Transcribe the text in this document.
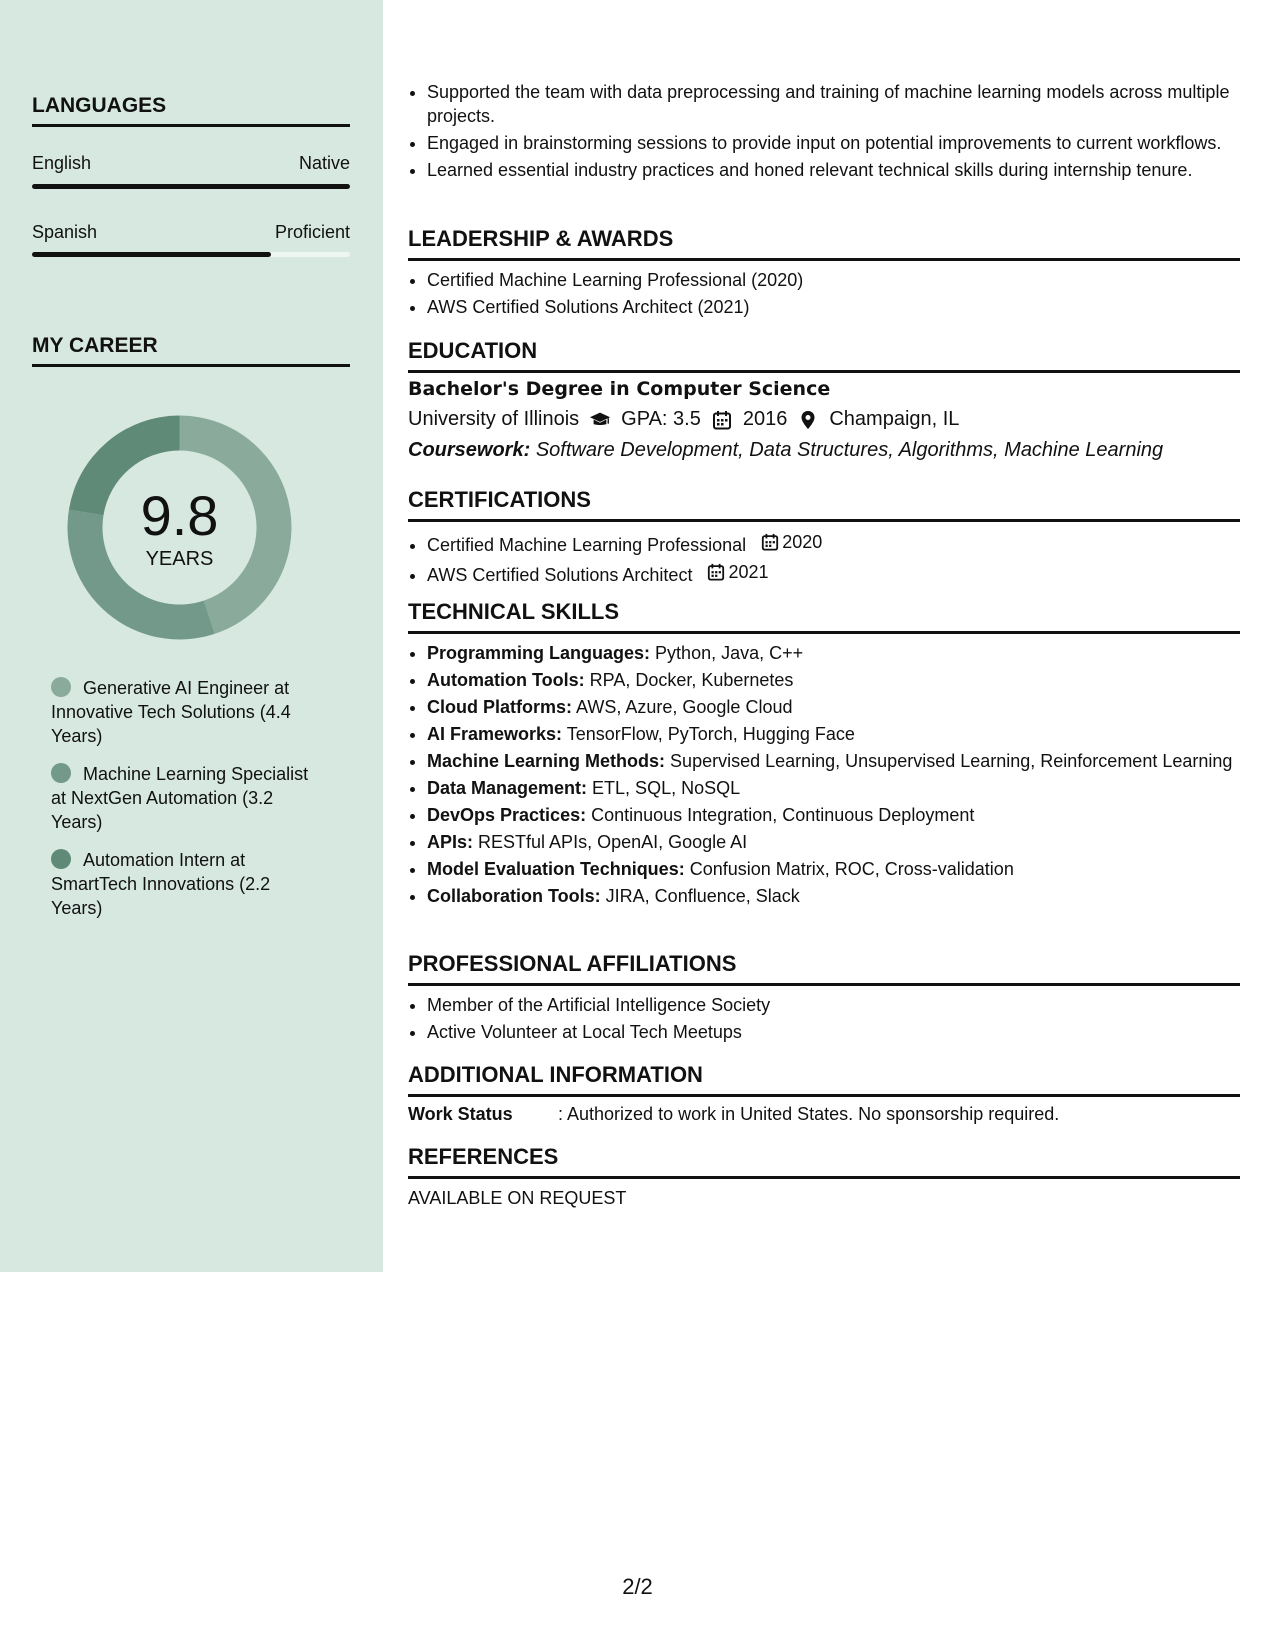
LANGUAGES
English	Native
Spanish	Proficient
MY CAREER
9.8
YEARS
Generative AI Engineer at Innovative Tech Solutions (4.4 Years)
Machine Learning Specialist at NextGen Automation (3.2 Years)
Automation Intern at SmartTech Innovations (2.2 Years)
• Supported the team with data preprocessing and training of machine learning models across multiple projects.
• Engaged in brainstorming sessions to provide input on potential improvements to current workflows.
• Learned essential industry practices and honed relevant technical skills during internship tenure.
LEADERSHIP & AWARDS
• Certified Machine Learning Professional (2020)
• AWS Certified Solutions Architect (2021)
EDUCATION
Bachelor's Degree in Computer Science
University of Illinois GPA: 3.5 2016 Champaign, IL
Coursework: Software Development, Data Structures, Algorithms, Machine Learning
CERTIFICATIONS
• Certified Machine Learning Professional 2020
• AWS Certified Solutions Architect 2021
TECHNICAL SKILLS
• Programming Languages: Python, Java, C++
• Automation Tools: RPA, Docker, Kubernetes
• Cloud Platforms: AWS, Azure, Google Cloud
• AI Frameworks: TensorFlow, PyTorch, Hugging Face
• Machine Learning Methods: Supervised Learning, Unsupervised Learning, Reinforcement Learning
• Data Management: ETL, SQL, NoSQL
• DevOps Practices: Continuous Integration, Continuous Deployment
• APIs: RESTful APIs, OpenAI, Google AI
• Model Evaluation Techniques: Confusion Matrix, ROC, Cross-validation
• Collaboration Tools: JIRA, Confluence, Slack
PROFESSIONAL AFFILIATIONS
• Member of the Artificial Intelligence Society
• Active Volunteer at Local Tech Meetups
ADDITIONAL INFORMATION
Work Status	: Authorized to work in United States. No sponsorship required.
REFERENCES
AVAILABLE ON REQUEST
2/2
